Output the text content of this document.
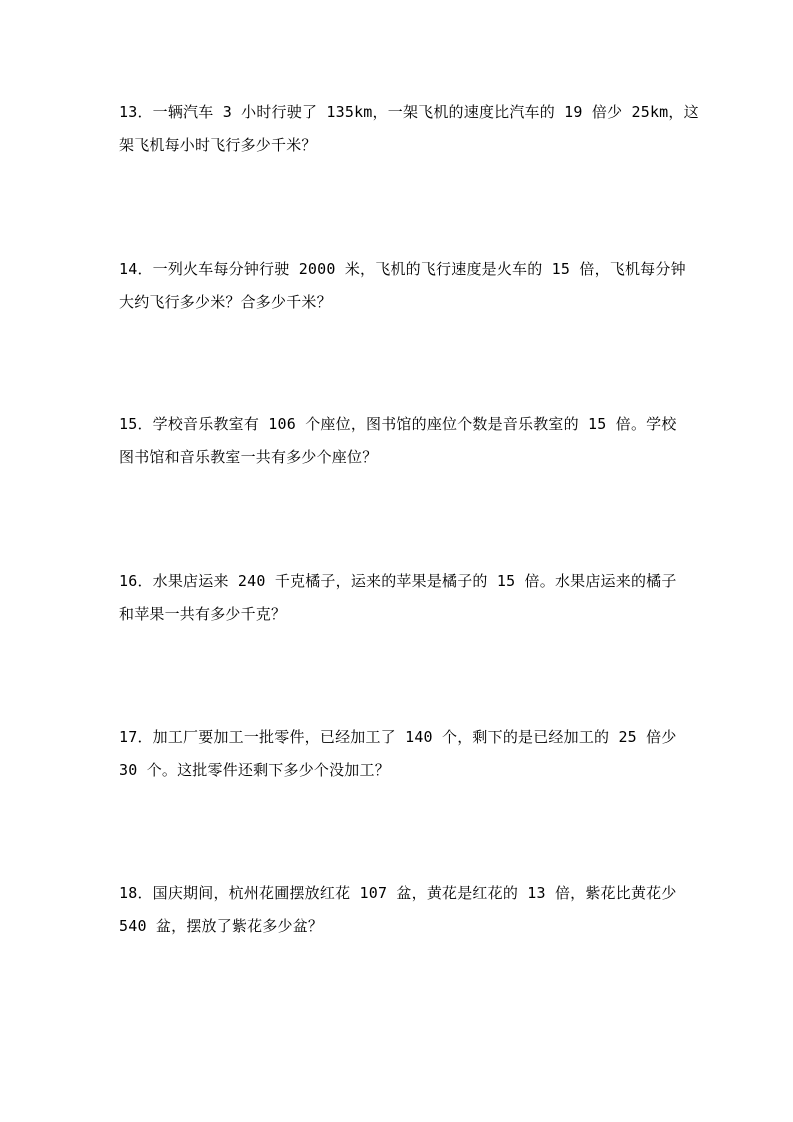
13．一辆汽车 3 小时行驶了 135km，一架飞机的速度比汽车的 19 倍少 25km，这
架飞机每小时飞行多少千米？
14．一列火车每分钟行驶 2000 米，飞机的飞行速度是火车的 15 倍，飞机每分钟
大约飞行多少米？合多少千米？
15．学校音乐教室有 106 个座位，图书馆的座位个数是音乐教室的 15 倍。学校
图书馆和音乐教室一共有多少个座位？
16．水果店运来 240 千克橘子，运来的苹果是橘子的 15 倍。水果店运来的橘子
和苹果一共有多少千克？
17．加工厂要加工一批零件，已经加工了 140 个，剩下的是已经加工的 25 倍少
30 个。这批零件还剩下多少个没加工？
18．国庆期间，杭州花圃摆放红花 107 盆，黄花是红花的 13 倍，紫花比黄花少
540 盆，摆放了紫花多少盆？
